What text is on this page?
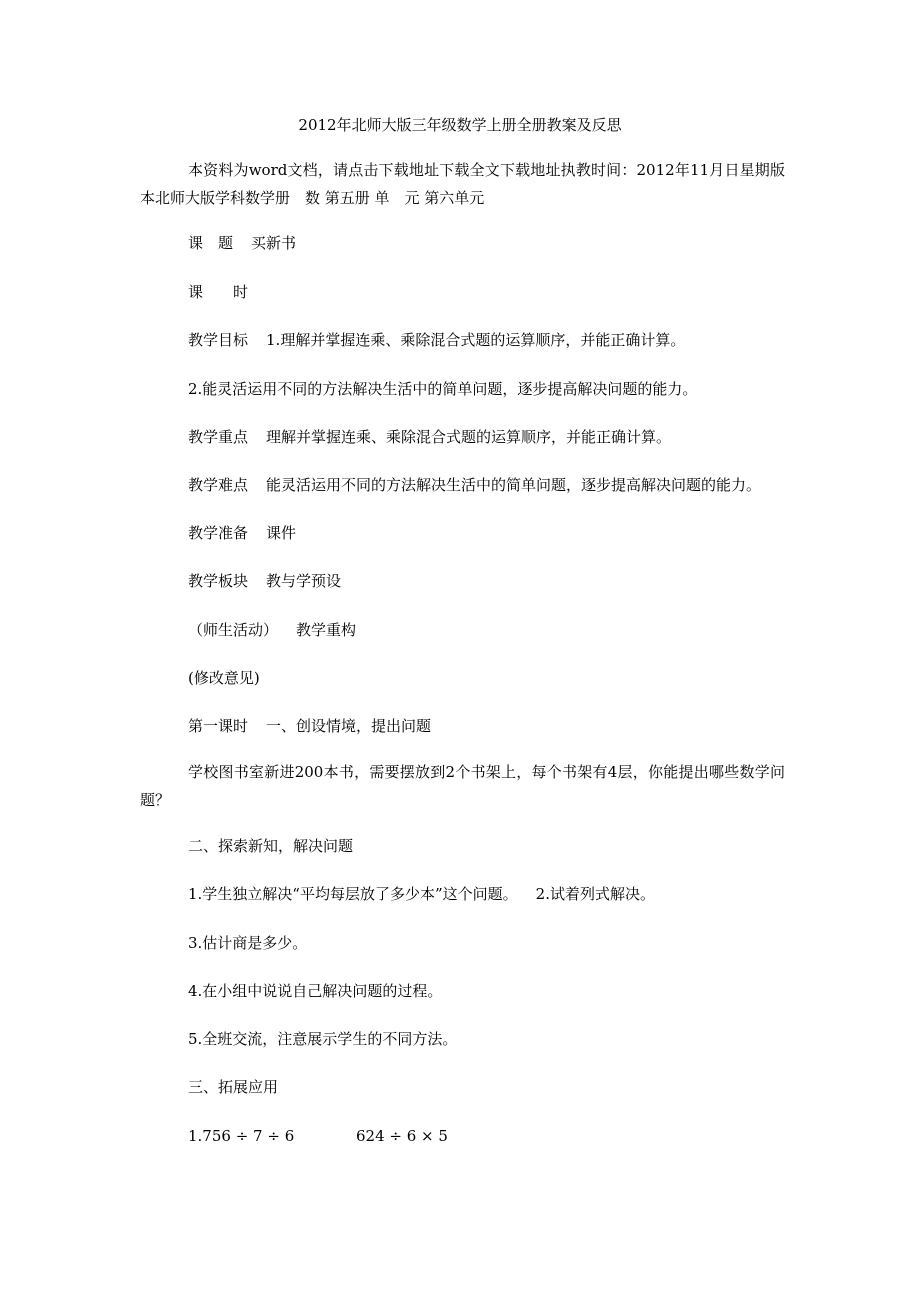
2012年北师大版三年级数学上册全册教案及反思

本资料为word文档，请点击下载地址下载全文下载地址执教时间：2012年11月日星期版本北师大版学科数学册　数 第五册 单　元 第六单元

课　题 买新书

课　　时

教学目标 1.理解并掌握连乘、乘除混合式题的运算顺序，并能正确计算。

2.能灵活运用不同的方法解决生活中的简单问题，逐步提高解决问题的能力。

教学重点 理解并掌握连乘、乘除混合式题的运算顺序，并能正确计算。

教学难点 能灵活运用不同的方法解决生活中的简单问题，逐步提高解决问题的能力。

教学准备 课件

教学板块 教与学预设

（师生活动） 教学重构

(修改意见)

第一课时 一、创设情境，提出问题

学校图书室新进200本书，需要摆放到2个书架上，每个书架有4层，你能提出哪些数学问题？

二、探索新知，解决问题

1.学生独立解决“平均每层放了多少本”这个问题。 2.试着列式解决。

3.估计商是多少。

4.在小组中说说自己解决问题的过程。

5.全班交流，注意展示学生的不同方法。

三、拓展应用

1.756 ÷ 7 ÷ 6	624 ÷ 6 × 5
